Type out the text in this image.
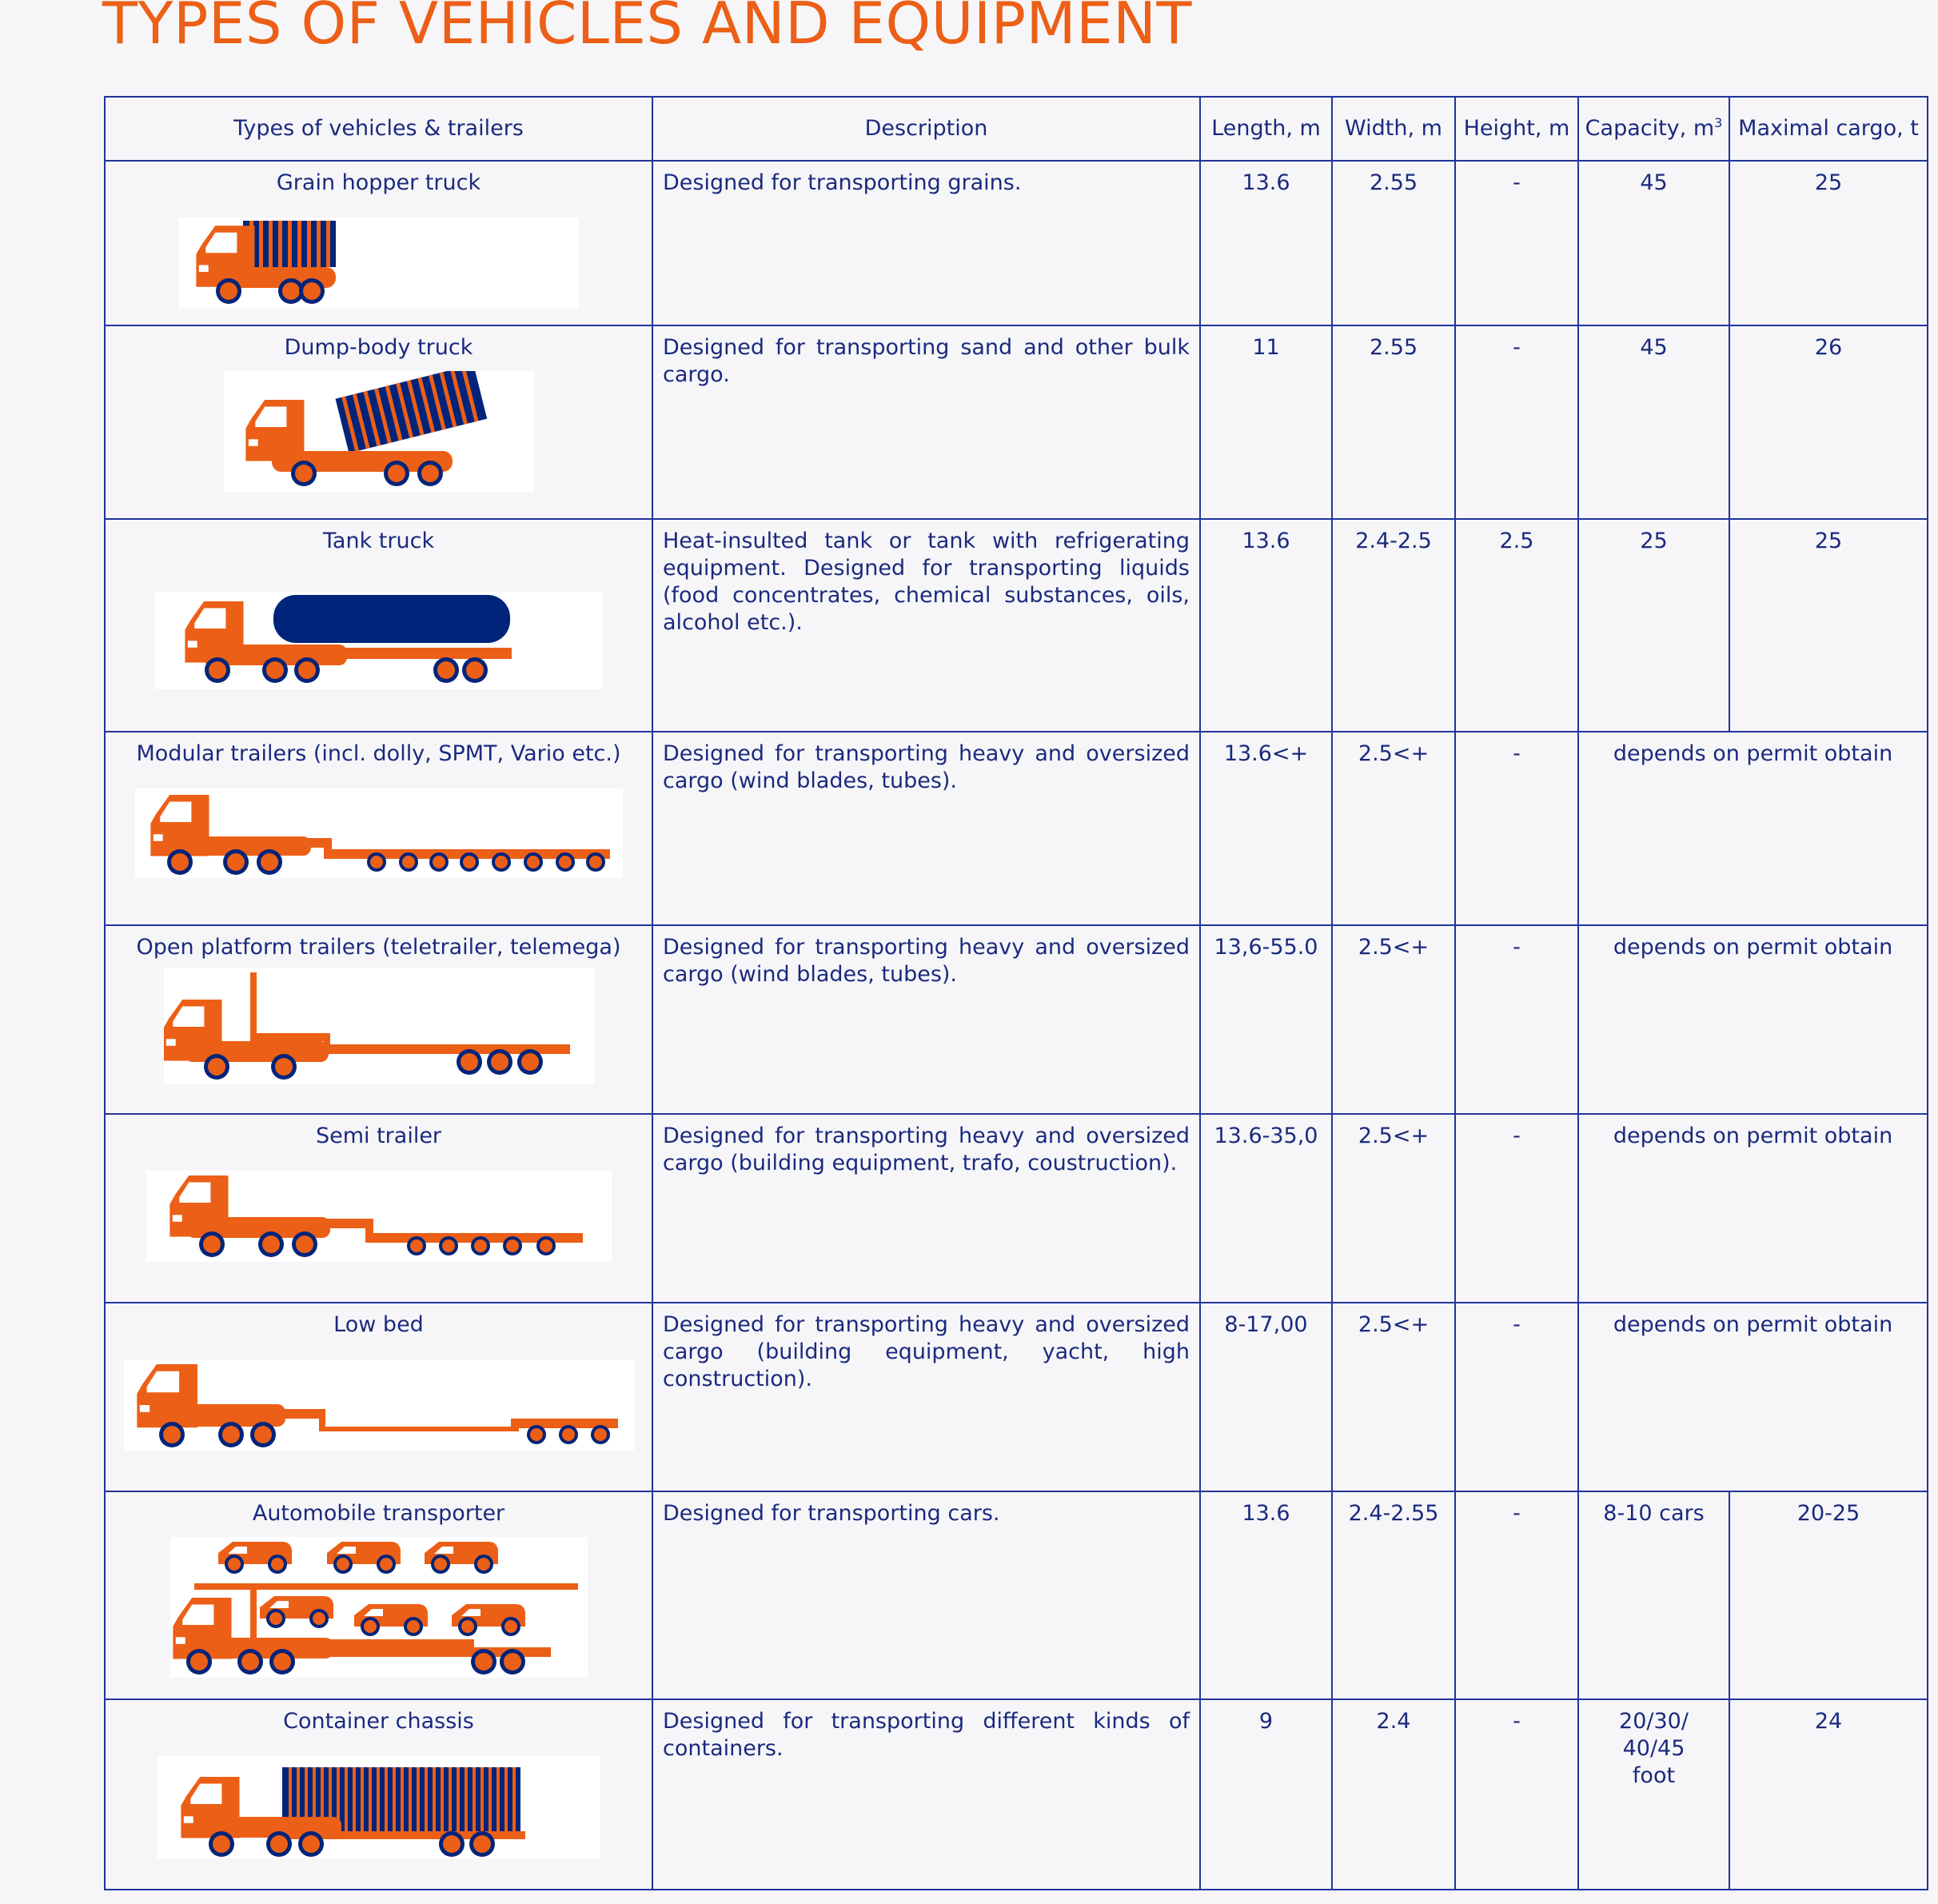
TYPES OF VEHICLES AND EQUIPMENT
Types of vehicles & trailers	Description	Length, m	Width, m	Height, m	Capacity, $m^3$	Maximal cargo, t

Grain hopper truck	Designed for transporting grains.	13.6	2.55	-	45	25

Dump-body truck	Designed for transporting sand and other bulk cargo.	11	2.55	-	45	26

Tank truck	Heat-insulted tank or tank with refrigerating equipment. Designed for transporting liquids (food concentrates, chemical substances, oils, alcohol etc.).	13.6	2.4-2.5	2.5	25	25

Modular trailers (incl. dolly, SPMT, Vario etc.)	Designed for transporting heavy and oversized cargo (wind blades, tubes).	13.6<+	2.5<+	-	depends on permit obtain	

Open platform trailers (teletrailer, telemega)	Designed for transporting heavy and oversized cargo (wind blades, tubes).	13,6-55.0	2.5<+	-	depends on permit obtain	

Semi trailer	Designed for transporting heavy and oversized cargo (building equipment, trafo, coustruction).	13.6-35,0	2.5<+	-	depends on permit obtain	

Low bed	Designed for transporting heavy and oversized cargo (building equipment, yacht, high construction).	8-17,00	2.5<+	-	depends on permit obtain	

Automobile transporter	Designed for transporting cars.	13.6	2.4-2.55	-	8-10 cars	20-25

Container chassis	Designed for transporting different kinds of containers.	9	2.4	-	20/30/ 40/45 foot	24
